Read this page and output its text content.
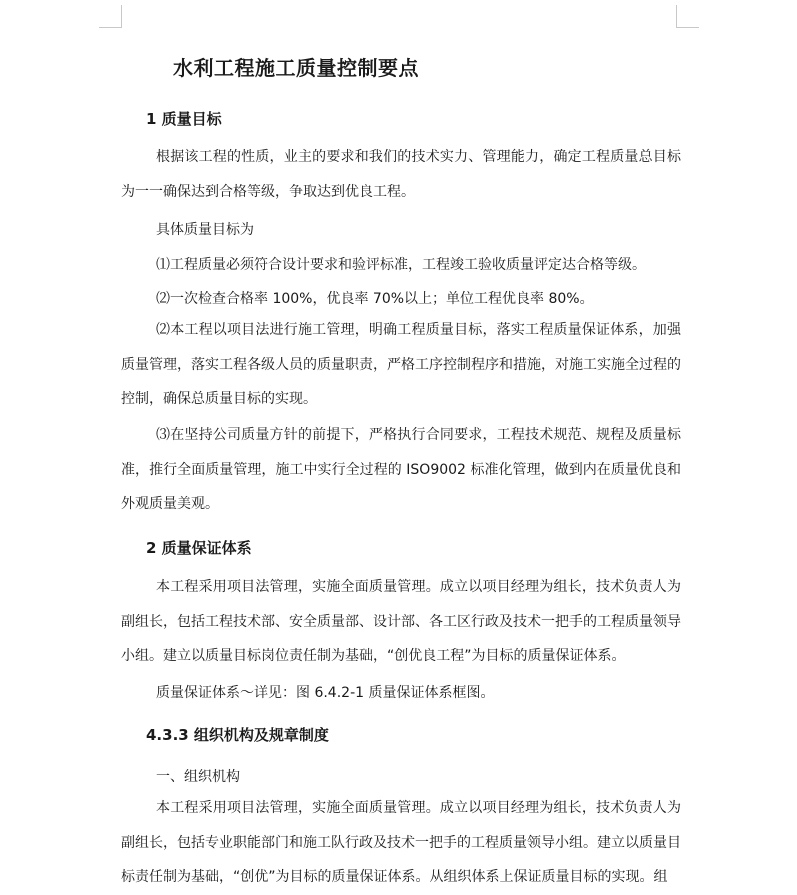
水利工程施工质量控制要点
1 质量目标

根据该工程的性质，业主的要求和我们的技术实力、管理能力，确定工程质量总目标为一一确保达到合格等级，争取达到优良工程。

具体质量目标为
⑴工程质量必须符合设计要求和验评标准，工程竣工验收质量评定达合格等级。
⑵一次检查合格率 100%，优良率 70%以上；单位工程优良率 80%。

⑵本工程以项目法进行施工管理，明确工程质量目标，落实工程质量保证体系，加强质量管理，落实工程各级人员的质量职责，严格工序控制程序和措施，对施工实施全过程的控制，确保总质量目标的实现。

⑶在坚持公司质量方针的前提下，严格执行合同要求，工程技术规范、规程及质量标准，推行全面质量管理，施工中实行全过程的 ISO9002 标准化管理，做到内在质量优良和外观质量美观。

2 质量保证体系

本工程采用项目法管理，实施全面质量管理。成立以项目经理为组长，技术负责人为副组长，包括工程技术部、安全质量部、设计部、各工区行政及技术一把手的工程质量领导小组。建立以质量目标岗位责任制为基础，“创优良工程”为目标的质量保证体系。

质量保证体系～详见：图 6.4.2-1 质量保证体系框图。
4.3.3 组织机构及规章制度
一、组织机构

本工程采用项目法管理，实施全面质量管理。成立以项目经理为组长，技术负责人为副组长，包括专业职能部门和施工队行政及技术一把手的工程质量领导小组。建立以质量目标责任制为基础，“创优”为目标的质量保证体系。从组织体系上保证质量目标的实现。组
